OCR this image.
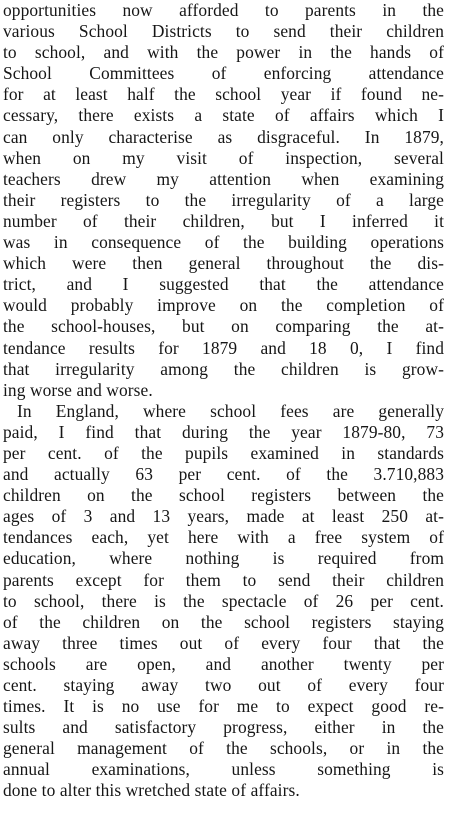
opportunities now afforded to parents in the
various School Districts to send their children
to school, and with the power in the hands of
School Committees of enforcing attendance
for at least half the school year if found ne-
cessary, there exists a state of affairs which I
can only characterise as disgraceful. In 1879,
when on my visit of inspection, several
teachers drew my attention when examining
their registers to the irregularity of a large
number of their children, but I inferred it
was in consequence of the building operations
which were then general throughout the dis-
trict, and I suggested that the attendance
would probably improve on the completion of
the school-houses, but on comparing the at-
tendance results for 1879 and 18 0, I find
that irregularity among the children is grow-
ing worse and worse.
In England, where school fees are generally
paid, I find that during the year 1879-80, 73
per cent. of the pupils examined in standards
and actually 63 per cent. of the 3.710,883
children on the school registers between the
ages of 3 and 13 years, made at least 250 at-
tendances each, yet here with a free system of
education, where nothing is required from
parents except for them to send their children
to school, there is the spectacle of 26 per cent.
of the children on the school registers staying
away three times out of every four that the
schools are open, and another twenty per
cent. staying away two out of every four
times. It is no use for me to expect good re-
sults and satisfactory progress, either in the
general management of the schools, or in the
annual examinations, unless something is
done to alter this wretched state of affairs.
